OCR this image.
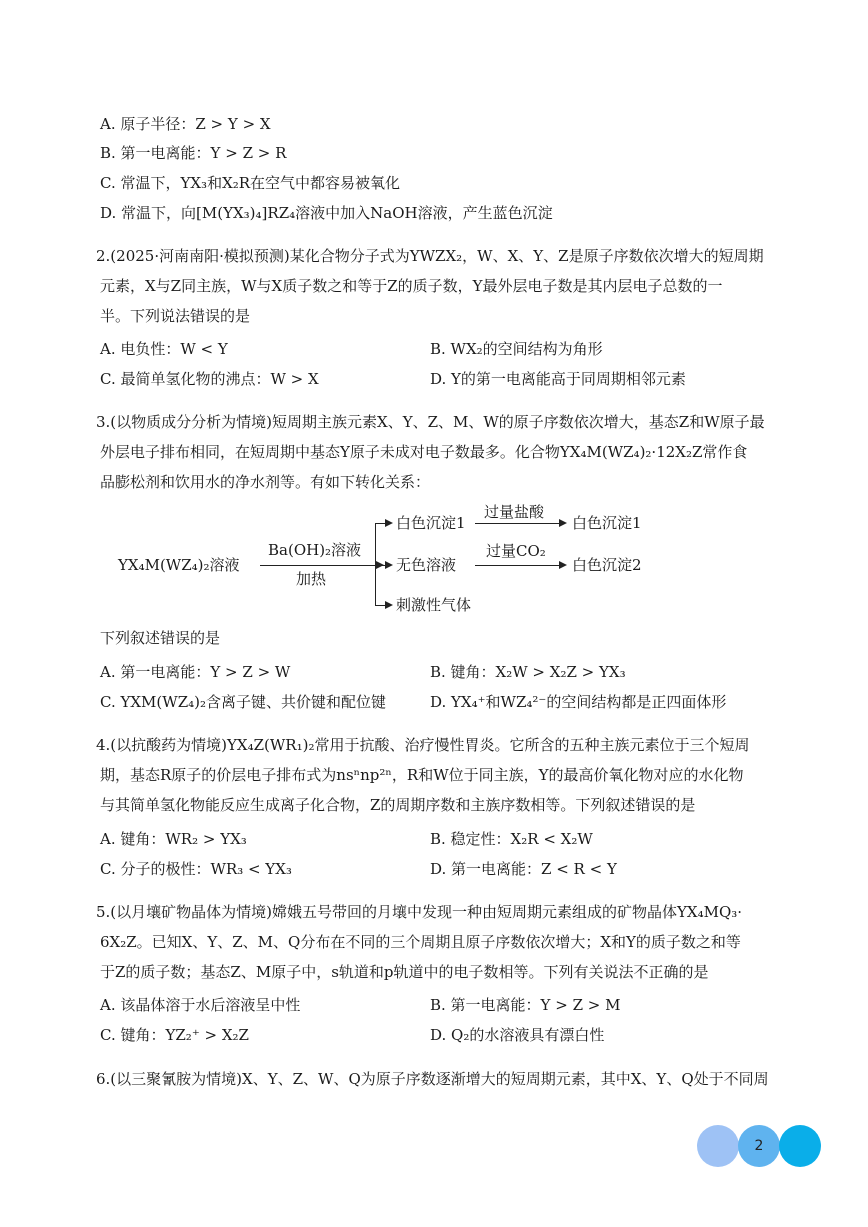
A. 原子半径：Z > Y > X
B. 第一电离能：Y > Z > R
C. 常温下，YX₃和X₂R在空气中都容易被氧化
D. 常温下，向[M(YX₃)₄]RZ₄溶液中加入NaOH溶液，产生蓝色沉淀
2.(2025·河南南阳·模拟预测)某化合物分子式为YWZX₂，W、X、Y、Z是原子序数依次增大的短周期
元素，X与Z同主族，W与X质子数之和等于Z的质子数，Y最外层电子数是其内层电子总数的一
半。下列说法错误的是
A. 电负性：W < Y	B. WX₂的空间结构为角形
C. 最简单氢化物的沸点：W > X	D. Y的第一电离能高于同周期相邻元素
3.(以物质成分分析为情境)短周期主族元素X、Y、Z、M、W的原子序数依次增大，基态Z和W原子最
外层电子排布相同，在短周期中基态Y原子未成对电子数最多。化合物YX₄M(WZ₄)₂·12X₂Z常作食
品膨松剂和饮用水的净水剂等。有如下转化关系：
YX₄M(WZ₄)₂溶液
Ba(OH)₂溶液
加热
白色沉淀1
无色溶液
刺激性气体
过量盐酸
白色沉淀1
过量CO₂
白色沉淀2
下列叙述错误的是
A. 第一电离能：Y > Z > W	B. 键角：X₂W > X₂Z > YX₃
C. YXM(WZ₄)₂含离子键、共价键和配位键	D. YX₄⁺和WZ₄²⁻的空间结构都是正四面体形
4.(以抗酸药为情境)YX₄Z(WR₁)₂常用于抗酸、治疗慢性胃炎。它所含的五种主族元素位于三个短周
期，基态R原子的价层电子排布式为nsⁿnp²ⁿ，R和W位于同主族，Y的最高价氧化物对应的水化物
与其简单氢化物能反应生成离子化合物，Z的周期序数和主族序数相等。下列叙述错误的是
A. 键角：WR₂ > YX₃	B. 稳定性：X₂R < X₂W
C. 分子的极性：WR₃ < YX₃	D. 第一电离能：Z < R < Y
5.(以月壤矿物晶体为情境)嫦娥五号带回的月壤中发现一种由短周期元素组成的矿物晶体YX₄MQ₃·
6X₂Z。已知X、Y、Z、M、Q分布在不同的三个周期且原子序数依次增大；X和Y的质子数之和等
于Z的质子数；基态Z、M原子中，s轨道和p轨道中的电子数相等。下列有关说法不正确的是
A. 该晶体溶于水后溶液呈中性	B. 第一电离能：Y > Z > M
C. 键角：YZ₂⁺ > X₂Z	D. Q₂的水溶液具有漂白性
6.(以三聚氰胺为情境)X、Y、Z、W、Q为原子序数逐渐增大的短周期元素，其中X、Y、Q处于不同周
2
